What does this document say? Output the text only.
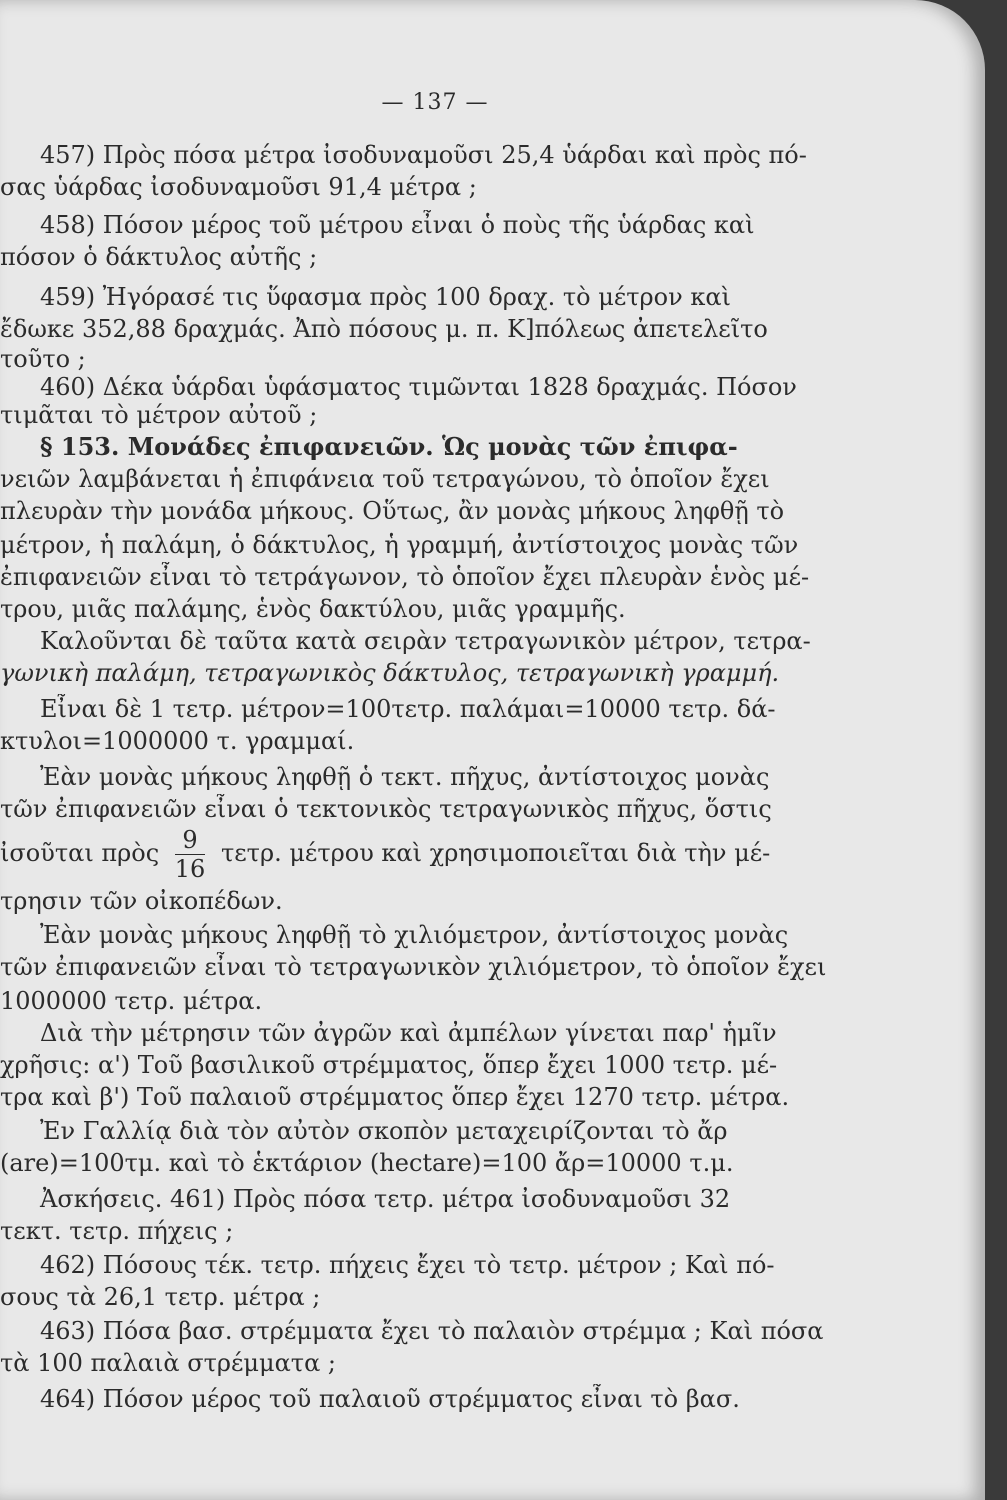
— 137 —
457) Πρὸς πόσα μέτρα ἰσοδυναμοῦσι 25,4 ὑάρδαι καὶ πρὸς πό-
σας ὑάρδας ἰσοδυναμοῦσι 91,4 μέτρα ;
458) Πόσον μέρος τοῦ μέτρου εἶναι ὁ ποὺς τῆς ὑάρδας καὶ
πόσον ὁ δάκτυλος αὐτῆς ;
459) Ἠγόρασέ τις ὕφασμα πρὸς 100 δραχ. τὸ μέτρον καὶ
ἔδωκε 352,88 δραχμάς. Ἀπὸ πόσους μ. π. Κ]πόλεως ἀπετελεῖτο
τοῦτο ;
460) Δέκα ὑάρδαι ὑφάσματος τιμῶνται 1828 δραχμάς. Πόσον
τιμᾶται τὸ μέτρον αὐτοῦ ;
§ 153. Μονάδες ἐπιφανειῶν. Ὡς μονὰς τῶν ἐπιφα-
νειῶν λαμβάνεται ἡ ἐπιφάνεια τοῦ τετραγώνου, τὸ ὁποῖον ἔχει
πλευρὰν τὴν μονάδα μήκους. Οὕτως, ἂν μονὰς μήκους ληφθῇ τὸ
μέτρον, ἡ παλάμη, ὁ δάκτυλος, ἡ γραμμή, ἀντίστοιχος μονὰς τῶν
ἐπιφανειῶν εἶναι τὸ τετράγωνον, τὸ ὁποῖον ἔχει πλευρὰν ἑνὸς μέ-
τρου, μιᾶς παλάμης, ἑνὸς δακτύλου, μιᾶς γραμμῆς.
Καλοῦνται δὲ ταῦτα κατὰ σειρὰν τετραγωνικὸν μέτρον, τετρα-
γωνικὴ παλάμη, τετραγωνικὸς δάκτυλος, τετραγωνικὴ γραμμή.
Εἶναι δὲ 1 τετρ. μέτρον=100τετρ. παλάμαι=10000 τετρ. δά-
κτυλοι=1000000 τ. γραμμαί.
Ἐὰν μονὰς μήκους ληφθῇ ὁ τεκτ. πῆχυς, ἀντίστοιχος μονὰς
τῶν ἐπιφανειῶν εἶναι ὁ τεκτονικὸς τετραγωνικὸς πῆχυς, ὅστις
ἰσοῦται πρὸς $\frac{9}{16} \tau\varepsilon\tau\rho$. μέτρου καὶ χρησιμοποιεῖται διὰ τὴν μέ-
τρησιν τῶν οἰκοπέδων.
Ἐὰν μονὰς μήκους ληφθῇ τὸ χιλιόμετρον, ἀντίστοιχος μονὰς
τῶν ἐπιφανειῶν εἶναι τὸ τετραγωνικὸν χιλιόμετρον, τὸ ὁποῖον ἔχει
1000000 τετρ. μέτρα.
Διὰ τὴν μέτρησιν τῶν ἀγρῶν καὶ ἀμπέλων γίνεται παρ' ἡμῖν
χρῆσις: α') Τοῦ βασιλικοῦ στρέμματος, ὅπερ ἔχει 1000 τετρ. μέ-
τρα καὶ β') Τοῦ παλαιοῦ στρέμματος ὅπερ ἔχει 1270 τετρ. μέτρα.
Ἐν Γαλλίᾳ διὰ τὸν αὐτὸν σκοπὸν μεταχειρίζονται τὸ ἄρ
(are)=100τμ. καὶ τὸ ἑκτάριον (hectare)=100 ἄρ=10000 τ.μ.
Ἀσκήσεις. 461) Πρὸς πόσα τετρ. μέτρα ἰσοδυναμοῦσι 32
τεκτ. τετρ. πήχεις ;
462) Πόσους τέκ. τετρ. πήχεις ἔχει τὸ τετρ. μέτρον ; Καὶ πό-
σους τὰ 26,1 τετρ. μέτρα ;
463) Πόσα βασ. στρέμματα ἔχει τὸ παλαιὸν στρέμμα ; Καὶ πόσα
τὰ 100 παλαιὰ στρέμματα ;
464) Πόσον μέρος τοῦ παλαιοῦ στρέμματος εἶναι τὸ βασ.
